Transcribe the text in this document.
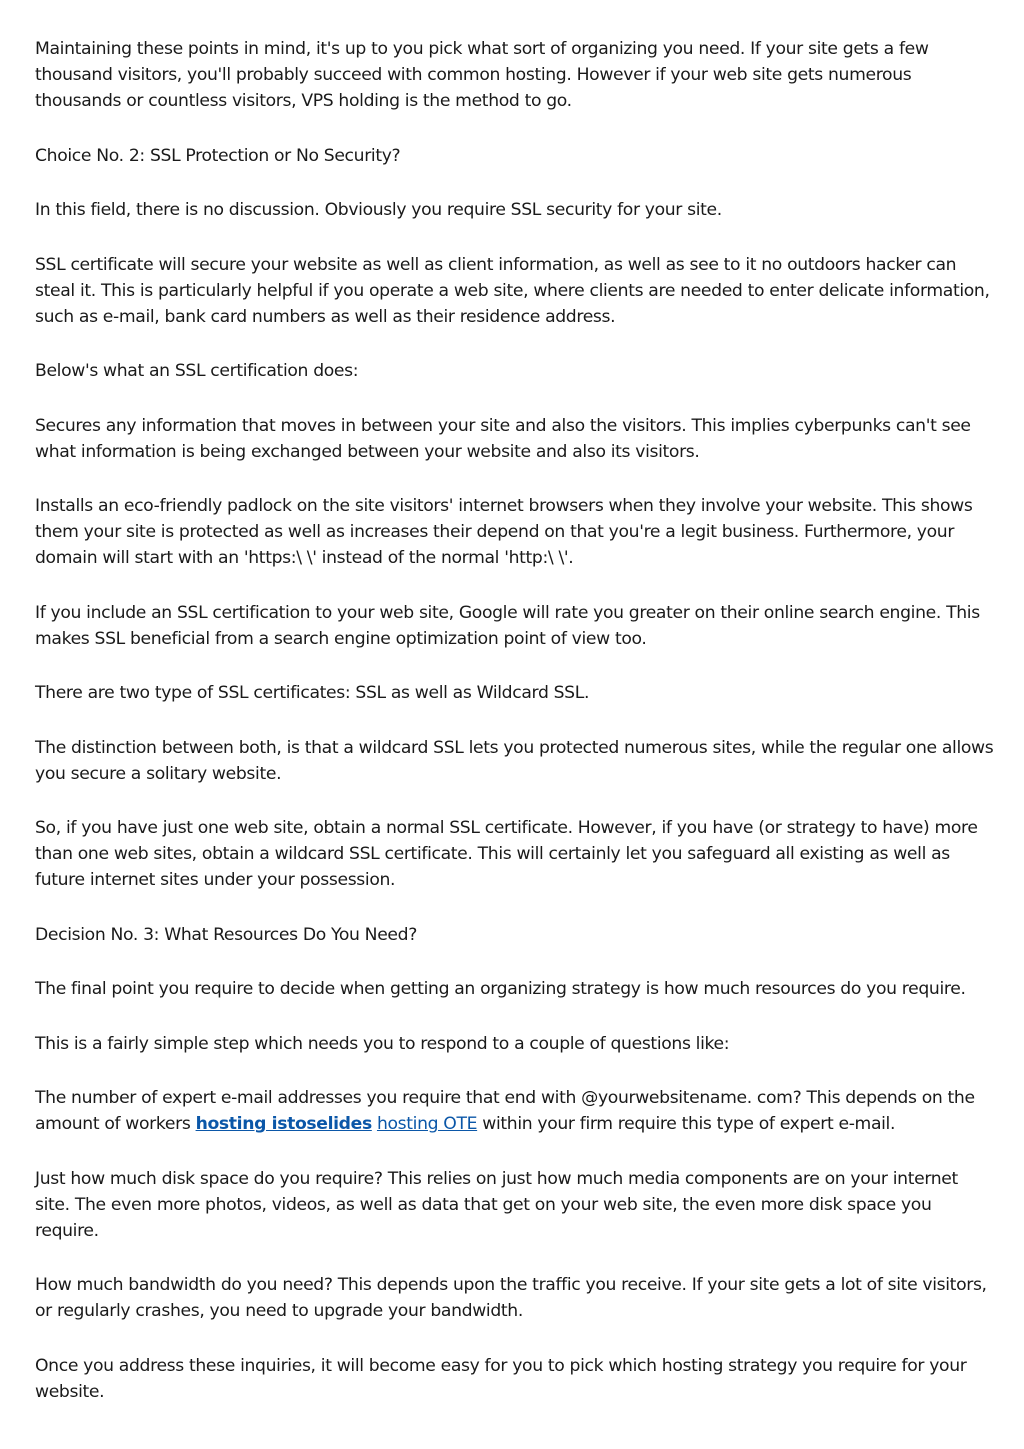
Maintaining these points in mind, it's up to you pick what sort of organizing you need. If your site gets a few thousand visitors, you'll probably succeed with common hosting. However if your web site gets numerous thousands or countless visitors, VPS holding is the method to go.

Choice No. 2: SSL Protection or No Security?

In this field, there is no discussion. Obviously you require SSL security for your site.

SSL certificate will secure your website as well as client information, as well as see to it no outdoors hacker can steal it. This is particularly helpful if you operate a web site, where clients are needed to enter delicate information, such as e-mail, bank card numbers as well as their residence address.

Below's what an SSL certification does:

Secures any information that moves in between your site and also the visitors. This implies cyberpunks can't see what information is being exchanged between your website and also its visitors.

Installs an eco-friendly padlock on the site visitors' internet browsers when they involve your website. This shows them your site is protected as well as increases their depend on that you're a legit business. Furthermore, your domain will start with an 'https:\ \' instead of the normal 'http:\ \'.

If you include an SSL certification to your web site, Google will rate you greater on their online search engine. This makes SSL beneficial from a search engine optimization point of view too.

There are two type of SSL certificates: SSL as well as Wildcard SSL.

The distinction between both, is that a wildcard SSL lets you protected numerous sites, while the regular one allows you secure a solitary website.

So, if you have just one web site, obtain a normal SSL certificate. However, if you have (or strategy to have) more than one web sites, obtain a wildcard SSL certificate. This will certainly let you safeguard all existing as well as future internet sites under your possession.

Decision No. 3: What Resources Do You Need?

The final point you require to decide when getting an organizing strategy is how much resources do you require.

This is a fairly simple step which needs you to respond to a couple of questions like:

The number of expert e-mail addresses you require that end with @yourwebsitename. com? This depends on the amount of workers hosting istoselides hosting OTE within your firm require this type of expert e-mail.

Just how much disk space do you require? This relies on just how much media components are on your internet site. The even more photos, videos, as well as data that get on your web site, the even more disk space you require.

How much bandwidth do you need? This depends upon the traffic you receive. If your site gets a lot of site visitors, or regularly crashes, you need to upgrade your bandwidth.

Once you address these inquiries, it will become easy for you to pick which hosting strategy you require for your website.
